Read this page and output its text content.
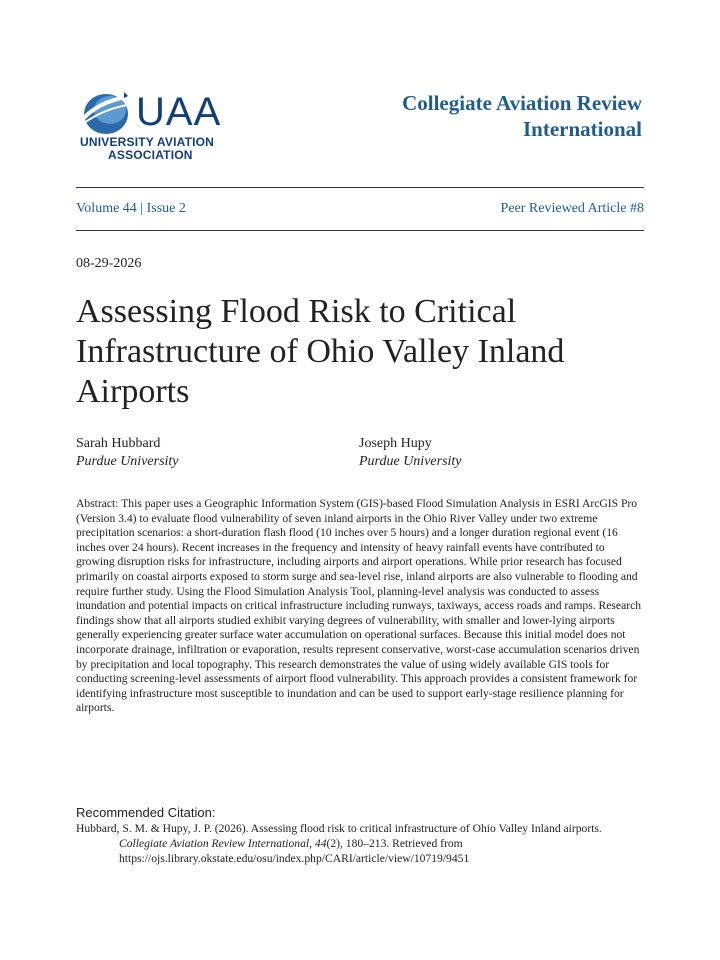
UAA
UNIVERSITY AVIATION
ASSOCIATION
Collegiate Aviation Review
International
Volume 44 | Issue 2	Peer Reviewed Article #8
08-29-2026
Assessing Flood Risk to Critical Infrastructure of Ohio Valley Inland Airports
Sarah Hubbard
Purdue University
Joseph Hupy
Purdue University
Abstract: This paper uses a Geographic Information System (GIS)-based Flood Simulation Analysis in ESRI ArcGIS Pro (Version 3.4) to evaluate flood vulnerability of seven inland airports in the Ohio River Valley under two extreme precipitation scenarios: a short-duration flash flood (10 inches over 5 hours) and a longer duration regional event (16 inches over 24 hours). Recent increases in the frequency and intensity of heavy rainfall events have contributed to growing disruption risks for infrastructure, including airports and airport operations. While prior research has focused primarily on coastal airports exposed to storm surge and sea-level rise, inland airports are also vulnerable to flooding and require further study. Using the Flood Simulation Analysis Tool, planning-level analysis was conducted to assess inundation and potential impacts on critical infrastructure including runways, taxiways, access roads and ramps. Research findings show that all airports studied exhibit varying degrees of vulnerability, with smaller and lower-lying airports generally experiencing greater surface water accumulation on operational surfaces. Because this initial model does not incorporate drainage, infiltration or evaporation, results represent conservative, worst-case accumulation scenarios driven by precipitation and local topography. This research demonstrates the value of using widely available GIS tools for conducting screening-level assessments of airport flood vulnerability. This approach provides a consistent framework for identifying infrastructure most susceptible to inundation and can be used to support early-stage resilience planning for airports.
Recommended Citation:
Hubbard, S. M. & Hupy, J. P. (2026). Assessing flood risk to critical infrastructure of Ohio Valley Inland airports.
Collegiate Aviation Review International, 44(2), 180–213. Retrieved from
https://ojs.library.okstate.edu/osu/index.php/CARI/article/view/10719/9451
